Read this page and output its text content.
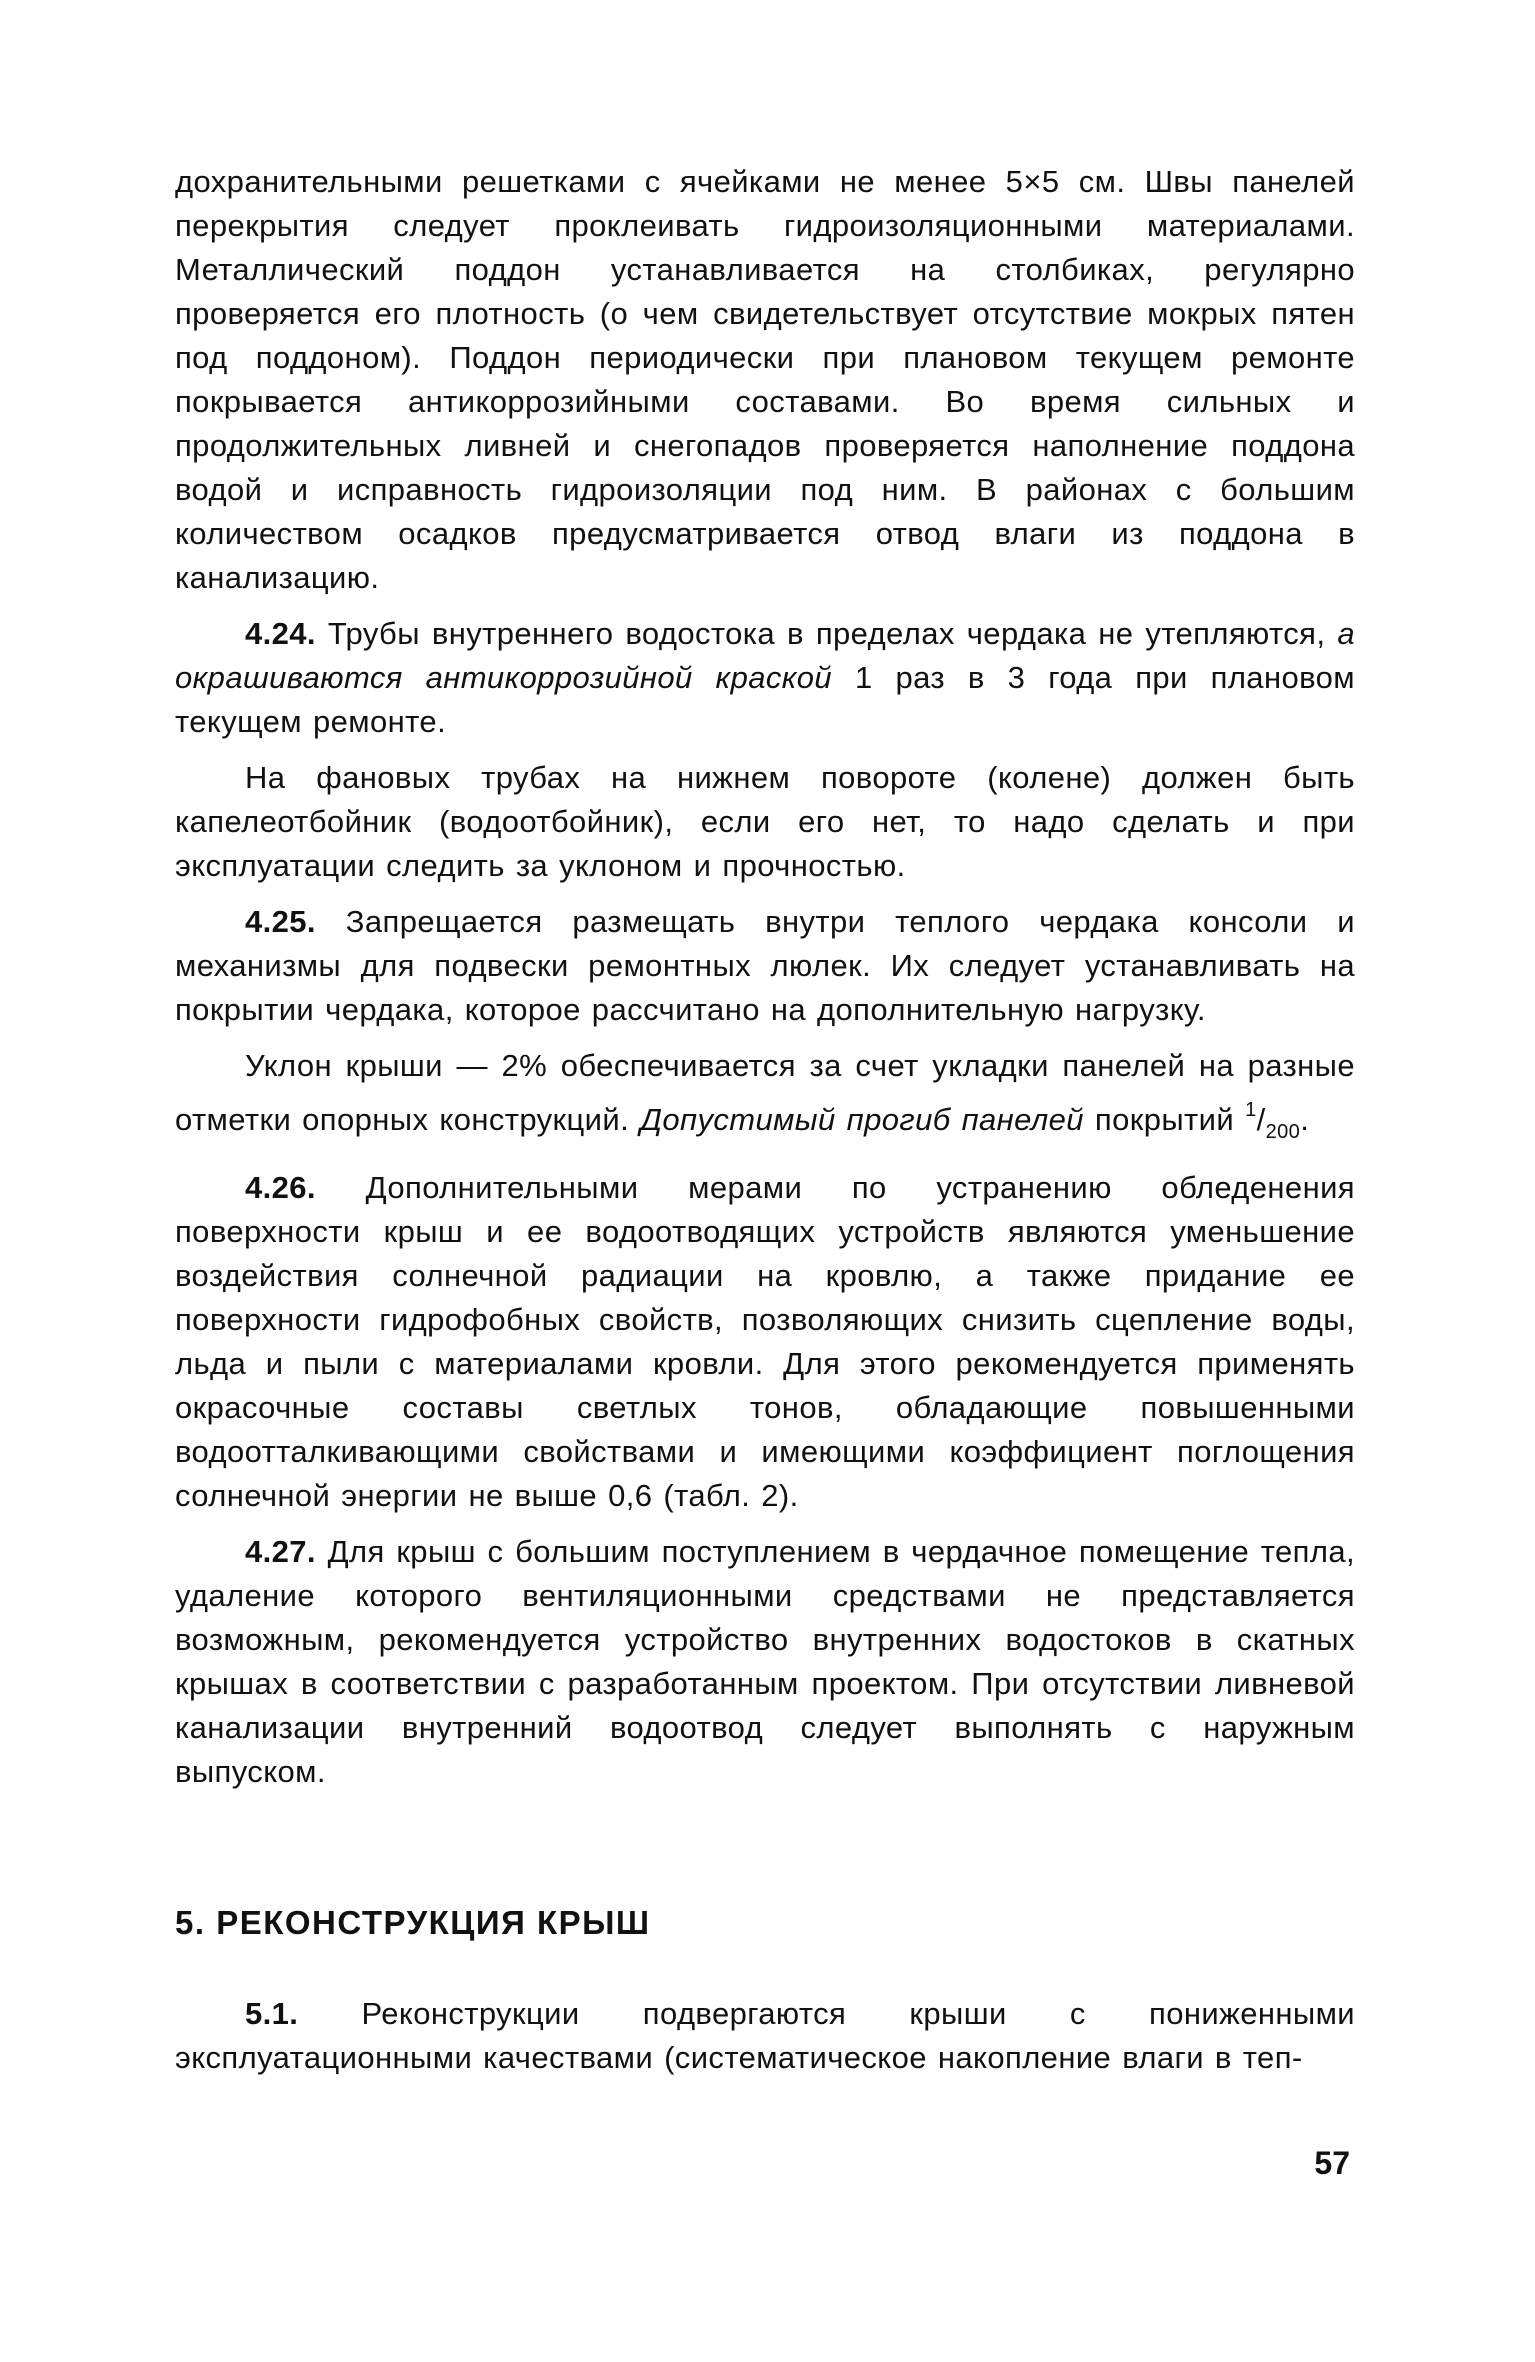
дохранительными решетками с ячейками не менее 5×5 см. Швы панелей перекрытия следует проклеивать гидроизоляционными материалами. Металлический поддон устанавливается на столбиках, регулярно проверяется его плотность (о чем свидетельствует отсутствие мокрых пятен под поддоном). Поддон периодически при плановом текущем ремонте покрывается антикоррозийными составами. Во время сильных и продолжительных ливней и снегопадов проверяется наполнение поддона водой и исправность гидроизоляции под ним. В районах с большим количеством осадков предусматривается отвод влаги из поддона в канализацию.

4.24. Трубы внутреннего водостока в пределах чердака не утепляются, а окрашиваются антикоррозийной краской 1 раз в 3 года при плановом текущем ремонте.

На фановых трубах на нижнем повороте (колене) должен быть капелеотбойник (водоотбойник), если его нет, то надо сделать и при эксплуатации следить за уклоном и прочностью.

4.25. Запрещается размещать внутри теплого чердака консоли и механизмы для подвески ремонтных люлек. Их следует устанавливать на покрытии чердака, которое рассчитано на дополнительную нагрузку.

Уклон крыши — 2% обеспечивается за счет укладки панелей на разные отметки опорных конструкций. Допустимый прогиб панелей покрытий $^1/_{200}$.

4.26. Дополнительными мерами по устранению обледенения поверхности крыш и ее водоотводящих устройств являются уменьшение воздействия солнечной радиации на кровлю, а также придание ее поверхности гидрофобных свойств, позволяющих снизить сцепление воды, льда и пыли с материалами кровли. Для этого рекомендуется применять окрасочные составы светлых тонов, обладающие повышенными водоотталкивающими свойствами и имеющими коэффициент поглощения солнечной энергии не выше 0,6 (табл. 2).

4.27. Для крыш с большим поступлением в чердачное помещение тепла, удаление которого вентиляционными средствами не представляется возможным, рекомендуется устройство внутренних водостоков в скатных крышах в соответствии с разработанным проектом. При отсутствии ливневой канализации внутренний водоотвод следует выполнять с наружным выпуском.

5. РЕКОНСТРУКЦИЯ КРЫШ

5.1. Реконструкции подвергаются крыши с пониженными эксплуатационными качествами (систематическое накопление влаги в теп-

57
